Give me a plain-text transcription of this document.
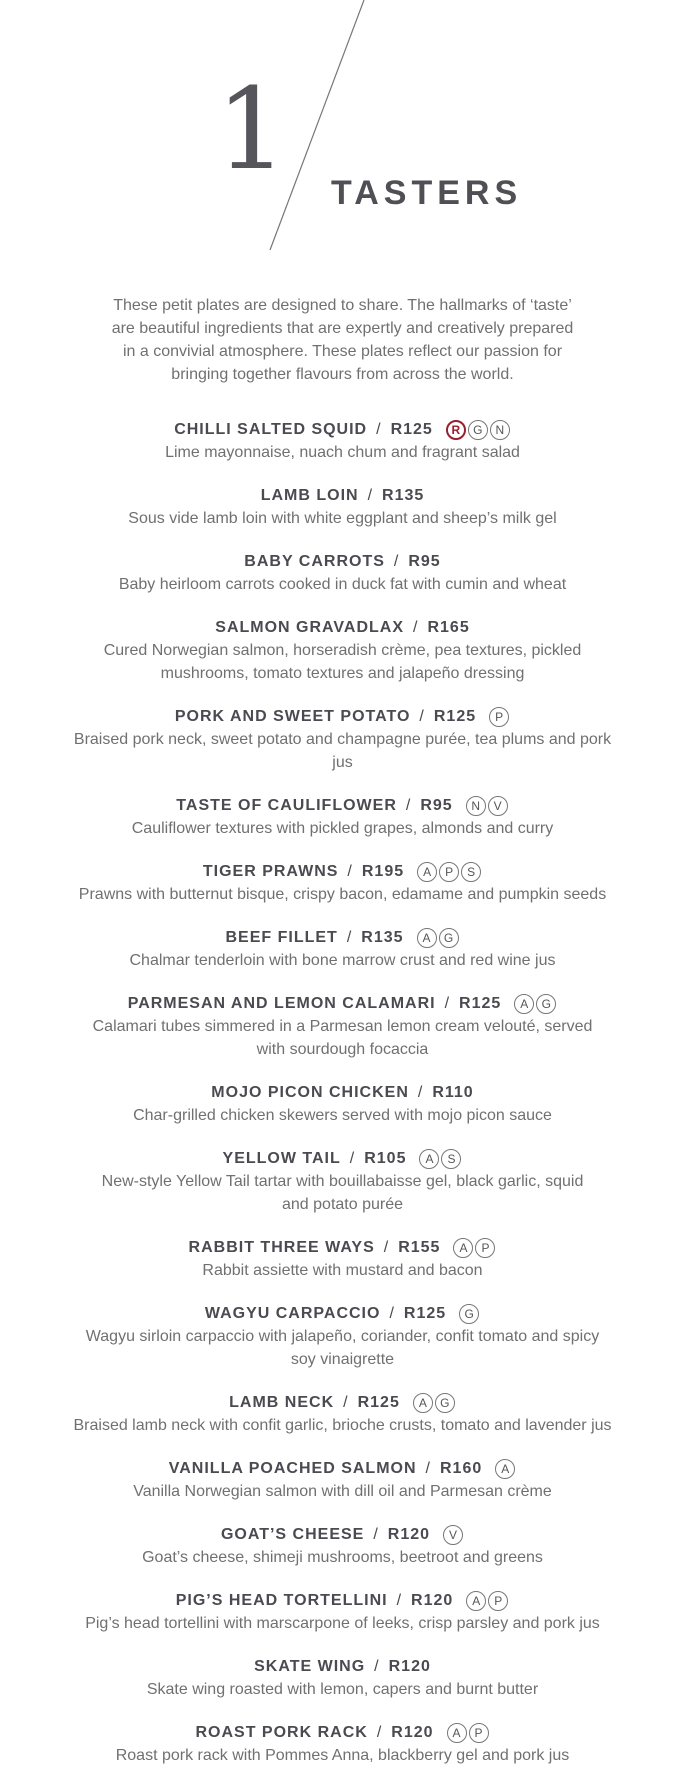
1 TASTERS

These petit plates are designed to share. The hallmarks of ‘taste’

are beautiful ingredients that are expertly and creatively prepared

in a convivial atmosphere. These plates reflect our passion for

bringing together flavours from across the world.

CHILLI SALTED SQUID / R125 R G N
Lime mayonnaise, nuach chum and fragrant salad
LAMB LOIN / R135
Sous vide lamb loin with white eggplant and sheep’s milk gel
BABY CARROTS / R95
Baby heirloom carrots cooked in duck fat with cumin and wheat
SALMON GRAVADLAX / R165
Cured Norwegian salmon, horseradish crème, pea textures, pickled
mushrooms, tomato textures and jalapeño dressing
PORK AND SWEET POTATO / R125 P
Braised pork neck, sweet potato and champagne purée, tea plums and pork jus
TASTE OF CAULIFLOWER / R95 N V
Cauliflower textures with pickled grapes, almonds and curry
TIGER PRAWNS / R195 A P S
Prawns with butternut bisque, crispy bacon, edamame and pumpkin seeds
BEEF FILLET / R135 A G
Chalmar tenderloin with bone marrow crust and red wine jus
PARMESAN AND LEMON CALAMARI / R125 A G
Calamari tubes simmered in a Parmesan lemon cream velouté, served
with sourdough focaccia
MOJO PICON CHICKEN / R110
Char-grilled chicken skewers served with mojo picon sauce
YELLOW TAIL / R105 A S
New-style Yellow Tail tartar with bouillabaisse gel, black garlic, squid
and potato purée
RABBIT THREE WAYS / R155 A P
Rabbit assiette with mustard and bacon
WAGYU CARPACCIO / R125 G
Wagyu sirloin carpaccio with jalapeño, coriander, confit tomato and spicy
soy vinaigrette
LAMB NECK / R125 A G
Braised lamb neck with confit garlic, brioche crusts, tomato and lavender jus
VANILLA POACHED SALMON / R160 A
Vanilla Norwegian salmon with dill oil and Parmesan crème
GOAT’S CHEESE / R120 V
Goat’s cheese, shimeji mushrooms, beetroot and greens
PIG’S HEAD TORTELLINI / R120 A P
Pig’s head tortellini with marscarpone of leeks, crisp parsley and pork jus
SKATE WING / R120
Skate wing roasted with lemon, capers and burnt butter
ROAST PORK RACK / R120 A P
Roast pork rack with Pommes Anna, blackberry gel and pork jus
